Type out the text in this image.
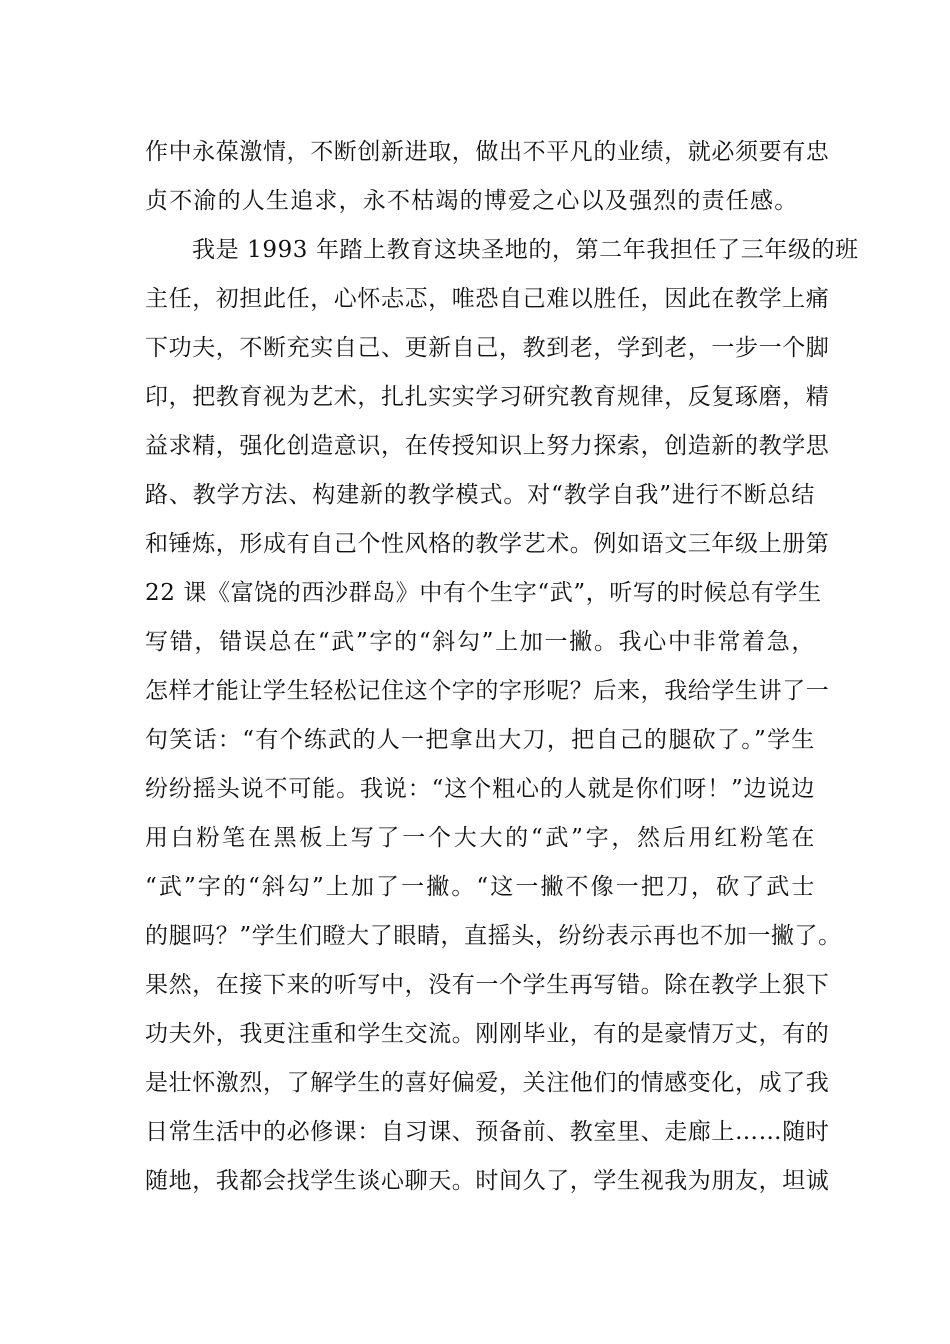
作中永葆激情，不断创新进取，做出不平凡的业绩，就必须要有忠
贞不渝的人生追求，永不枯竭的博爱之心以及强烈的责任感。
我是 1993 年踏上教育这块圣地的，第二年我担任了三年级的班
主任，初担此任，心怀忐忑，唯恐自己难以胜任，因此在教学上痛
下功夫，不断充实自己、更新自己，教到老，学到老，一步一个脚
印，把教育视为艺术，扎扎实实学习研究教育规律，反复琢磨，精
益求精，强化创造意识，在传授知识上努力探索，创造新的教学思
路、教学方法、构建新的教学模式。对“教学自我”进行不断总结
和锤炼，形成有自己个性风格的教学艺术。例如语文三年级上册第
22 课《富饶的西沙群岛》中有个生字“武”，听写的时候总有学生
写错，错误总在“武”字的“斜勾”上加一撇。我心中非常着急，
怎样才能让学生轻松记住这个字的字形呢？后来，我给学生讲了一
句笑话：“有个练武的人一把拿出大刀，把自己的腿砍了。”学生
纷纷摇头说不可能。我说：“这个粗心的人就是你们呀！”边说边
用白粉笔在黑板上写了一个大大的“武”字，然后用红粉笔在
“武”字的“斜勾”上加了一撇。“这一撇不像一把刀，砍了武士
的腿吗？”学生们瞪大了眼睛，直摇头，纷纷表示再也不加一撇了。
果然，在接下来的听写中，没有一个学生再写错。除在教学上狠下
功夫外，我更注重和学生交流。刚刚毕业，有的是豪情万丈，有的
是壮怀激烈，了解学生的喜好偏爱，关注他们的情感变化，成了我
日常生活中的必修课：自习课、预备前、教室里、走廊上……随时
随地，我都会找学生谈心聊天。时间久了，学生视我为朋友，坦诚
